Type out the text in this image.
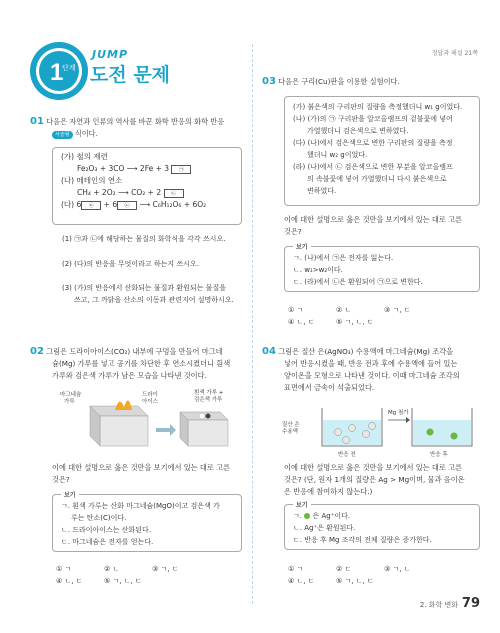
1
단계
JUMP
도전 문제
정답과 해설 21쪽
01 다음은 자연과 인류의 역사를 바꾼 화학 반응의 화학 반응
서술형 식이다.
(가) 철의 제련
Fe₂O₃ + 3CO ⟶ 2Fe + 3 ㉠
(나) 메테인의 연소
CH₄ + 2O₂ ⟶ CO₂ + 2 ㉡
(다) 6 ㉢ + 6 ㉡ ⟶ C₆H₁₂O₆ + 6O₂
(1) ㉠과 ㉡에 해당하는 물질의 화학식을 각각 쓰시오.
(2) (다)의 반응을 무엇이라고 하는지 쓰시오.
(3) (가)의 반응에서 산화되는 물질과 환원되는 물질을
쓰고, 그 까닭을 산소의 이동과 관련지어 설명하시오.
02 그림은 드라이아이스(CO₂) 내부에 구멍을 만들어 마그네
슘(Mg) 가루를 넣고 공기를 차단한 후 연소시켰더니 흰색
가루와 검은색 가루가 남은 모습을 나타낸 것이다.
마그네슘
가루
드라이
아이스
흰색 가루 +
검은색 가루
이에 대한 설명으로 옳은 것만을 보기에서 있는 대로 고른
것은?
보기
ㄱ. 흰색 가루는 산화 마그네슘(MgO)이고 검은색 가
루는 탄소(C)이다.
ㄴ. 드라이아이스는 산화된다.
ㄷ. 마그네슘은 전자를 얻는다.
① ㄱ	② ㄴ	③ ㄱ, ㄷ
④ ㄴ, ㄷ	⑤ ㄱ, ㄴ, ㄷ
03 다음은 구리(Cu)판을 이용한 실험이다.
(가) 붉은색의 구리판의 질량을 측정했더니 w₁ g이었다.
(나) (가)의 ㉠ 구리판을 알코올램프의 겉불꽃에 넣어
가열했더니 검은색으로 변하였다.
(다) (나)에서 검은색으로 변한 구리판의 질량을 측정
했더니 w₂ g이었다.
(라) (나)에서 ㉡ 검은색으로 변한 부분을 알코올램프
의 속불꽃에 넣어 가열했더니 다시 붉은색으로
변하였다.
이에 대한 설명으로 옳은 것만을 보기에서 있는 대로 고른
것은?
보기
ㄱ. (나)에서 ㉠은 전자를 잃는다.
ㄴ. w₁>w₂이다.
ㄷ. (라)에서 ㉡은 환원되어 ㉠으로 변한다.
① ㄱ	② ㄴ	③ ㄱ, ㄷ
④ ㄴ, ㄷ	⑤ ㄱ, ㄴ, ㄷ
04 그림은 질산 은(AgNO₃) 수용액에 마그네슘(Mg) 조각을
넣어 반응시켰을 때, 반응 전과 후에 수용액에 들어 있는
양이온을 모형으로 나타낸 것이다. 이때 마그네슘 조각의
표면에서 금속이 석출되었다.
Mg 첨가
질산 은
수용액
반응 전	반응 후
이에 대한 설명으로 옳은 것만을 보기에서 있는 대로 고른
것은? (단, 원자 1개의 질량은 Ag > Mg이며, 물과 음이온
은 반응에 참여하지 않는다.)
보기
ㄱ. 은 Ag⁺이다.
ㄴ. Ag⁺은 환원된다.
ㄷ. 반응 후 Mg 조각의 전체 질량은 증가한다.
① ㄱ	② ㄷ	③ ㄱ, ㄴ
④ ㄴ, ㄷ	⑤ ㄱ, ㄴ, ㄷ
2. 화학 변화 79
